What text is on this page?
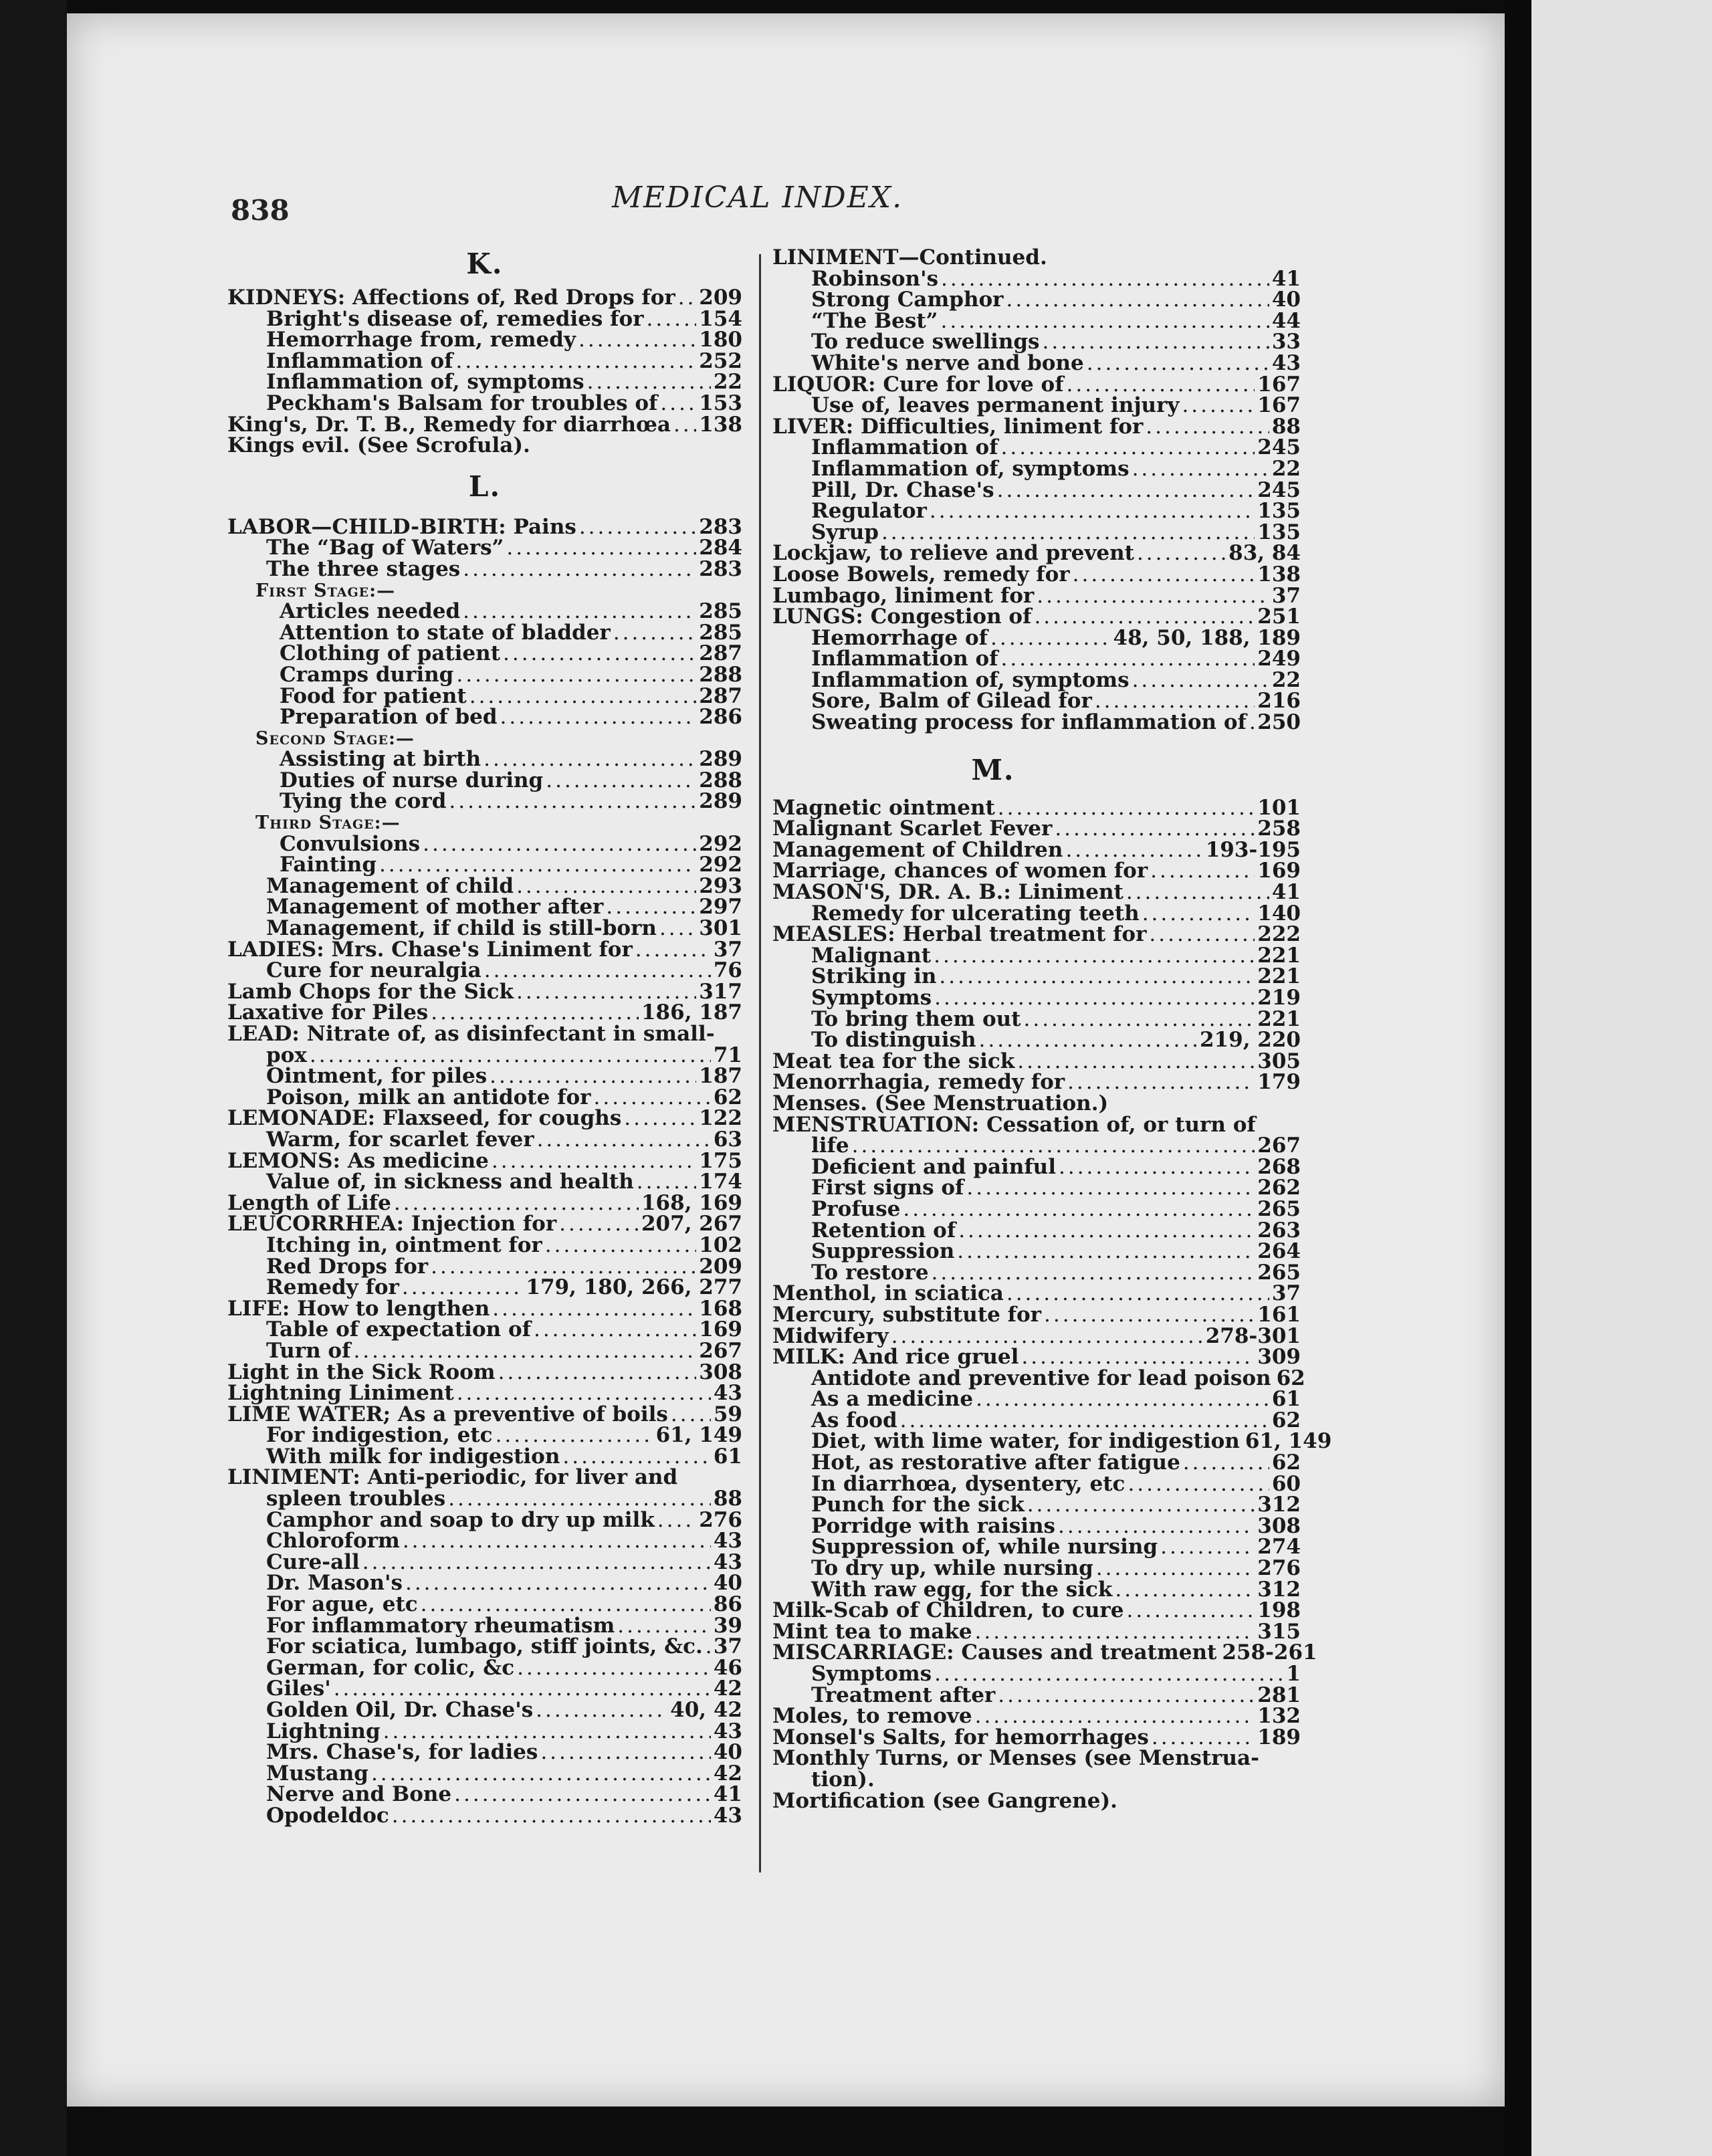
838	MEDICAL INDEX.
K.
KIDNEYS: Affections of, Red Drops for ..... 209
Bright's disease of, remedies for .....	154
Hemorrhage from, remedy .....	180
Inflammation of .....	252
Inflammation of, symptoms .....	22
Peckham's Balsam for troubles of ..... 153
King's, Dr. T. B., Remedy for diarrhœa ..... 138
Kings evil. (See Scrofula).
L.
LABOR—CHILD-BIRTH: Pains .....	283
The “Bag of Waters” .....	284
The three stages .....	283
First Stage:—
Articles needed .....	285
Attention to state of bladder .....	285
Clothing of patient .....	287
Cramps during .....	288
Food for patient .....	287
Preparation of bed .....	286
Second Stage:—
Assisting at birth .....	289
Duties of nurse during .....	288
Tying the cord .....	289
Third Stage:—
Convulsions .....	292
Fainting .....	292
Management of child .....	293
Management of mother after .....	297
Management, if child is still-born ..... 301
LADIES: Mrs. Chase's Liniment for .....	37
Cure for neuralgia .....	76
Lamb Chops for the Sick .....	317
Laxative for Piles .....	186, 187
LEAD: Nitrate of, as disinfectant in small-
pox .....	71
Ointment, for piles .....	187
Poison, milk an antidote for .....	62
LEMONADE: Flaxseed, for coughs .....	122
Warm, for scarlet fever .....	63
LEMONS: As medicine .....	175
Value of, in sickness and health .....	174
Length of Life .....	168, 169
LEUCORRHEA: Injection for .....	207, 267
Itching in, ointment for .....	102
Red Drops for .....	209
Remedy for .....	179, 180, 266, 277
LIFE: How to lengthen .....	168
Table of expectation of .....	169
Turn of .....	267
Light in the Sick Room .....	308
Lightning Liniment .....	43
LIME WATER; As a preventive of boils ..... 59
For indigestion, etc .....	61, 149
With milk for indigestion .....	61
LINIMENT: Anti-periodic, for liver and
spleen troubles .....	88
Camphor and soap to dry up milk ..... 276
Chloroform .....	43
Cure-all .....	43
Dr. Mason's .....	40
For ague, etc .....	86
For inflammatory rheumatism .....	39
For sciatica, lumbago, stiff joints, &c. ..... 37
German, for colic, &c .....	46
Giles' .....	42
Golden Oil, Dr. Chase's .....	40, 42
Lightning .....	43
Mrs. Chase's, for ladies .....	40
Mustang .....	42
Nerve and Bone .....	41
Opodeldoc .....	43
LINIMENT—Continued.
Robinson's .....	41
Strong Camphor .....	40
“The Best” .....	44
To reduce swellings .....	33
White's nerve and bone .....	43
LIQUOR: Cure for love of .....	167
Use of, leaves permanent injury .....	167
LIVER: Difficulties, liniment for .....	88
Inflammation of .....	245
Inflammation of, symptoms .....	22
Pill, Dr. Chase's .....	245
Regulator .....	135
Syrup .....	135
Lockjaw, to relieve and prevent .....	83, 84
Loose Bowels, remedy for .....	138
Lumbago, liniment for .....	37
LUNGS: Congestion of .....	251
Hemorrhage of .....	48, 50, 188, 189
Inflammation of .....	249
Inflammation of, symptoms .....	22
Sore, Balm of Gilead for .....	216
Sweating process for inflammation of ..... 250
M.
Magnetic ointment .....	101
Malignant Scarlet Fever .....	258
Management of Children .....	193-195
Marriage, chances of women for .....	169
MASON'S, DR. A. B.: Liniment .....	41
Remedy for ulcerating teeth .....	140
MEASLES: Herbal treatment for .....	222
Malignant .....	221
Striking in .....	221
Symptoms .....	219
To bring them out .....	221
To distinguish .....	219, 220
Meat tea for the sick .....	305
Menorrhagia, remedy for .....	179
Menses. (See Menstruation.)
MENSTRUATION: Cessation of, or turn of
life .....	267
Deficient and painful .....	268
First signs of .....	262
Profuse .....	265
Retention of .....	263
Suppression .....	264
To restore .....	265
Menthol, in sciatica .....	37
Mercury, substitute for .....	161
Midwifery .....	278-301
MILK: And rice gruel .....	309
Antidote and preventive for lead poison 62
As a medicine .....	61
As food .....	62
Diet, with lime water, for indigestion 61, 149
Hot, as restorative after fatigue .....	62
In diarrhœa, dysentery, etc .....	60
Punch for the sick .....	312
Porridge with raisins .....	308
Suppression of, while nursing .....	274
To dry up, while nursing .....	276
With raw egg, for the sick .....	312
Milk-Scab of Children, to cure .....	198
Mint tea to make .....	315
MISCARRIAGE: Causes and treatment 258-261
Symptoms .....	1
Treatment after .....	281
Moles, to remove .....	132
Monsel's Salts, for hemorrhages .....	189
Monthly Turns, or Menses (see Menstrua-
tion).
Mortification (see Gangrene).
